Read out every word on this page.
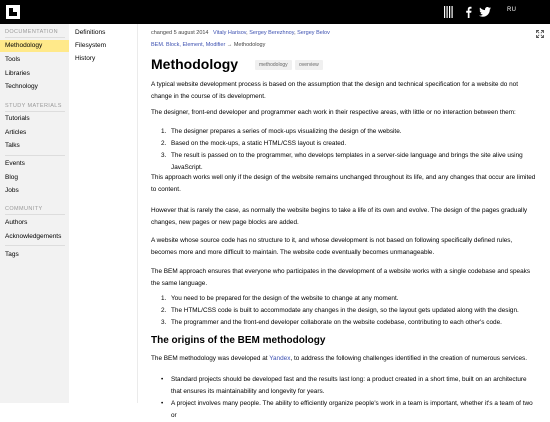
RU
DOCUMENTATION
Methodology
Tools
Libraries
Technology
STUDY MATERIALS
Tutorials
Articles
Talks
Events
Blog
Jobs
COMMUNITY
Authors
Acknowledgements
Tags
Definitions
Filesystem
History
changed 5 august 2014 Vitaly Harisov, Sergey Berezhnoy, Sergey Belov
BEM. Block, Element, Modifier → Methodology
Methodology	methodology	overview
A typical website development process is based on the assumption that the design and technical specification for a website do not change in the course of its development.
The designer, front-end developer and programmer each work in their respective areas, with little or no interaction between them:
1. The designer prepares a series of mock-ups visualizing the design of the website.
2. Based on the mock-ups, a static HTML/CSS layout is created.
3. The result is passed on to the programmer, who develops templates in a server-side language and brings the site alive using JavaScript.
This approach works well only if the design of the website remains unchanged throughout its life, and any changes that occur are limited to content.
However that is rarely the case, as normally the website begins to take a life of its own and evolve. The design of the pages gradually changes, new pages or new page blocks are added.
A website whose source code has no structure to it, and whose development is not based on following specifically defined rules, becomes more and more difficult to maintain. The website code eventually becomes unmanageable.
The BEM approach ensures that everyone who participates in the development of a website works with a single codebase and speaks the same language.
1. You need to be prepared for the design of the website to change at any moment.
2. The HTML/CSS code is built to accommodate any changes in the design, so the layout gets updated along with the design.
3. The programmer and the front-end developer collaborate on the website codebase, contributing to each other's code.
The origins of the BEM methodology
The BEM methodology was developed at Yandex, to address the following challenges identified in the creation of numerous services.
• Standard projects should be developed fast and the results last long: a product created in a short time, built on an architecture that ensures its maintainability and longevity for years.
• A project involves many people. The ability to efficiently organize people's work in a team is important, whether it's a team of two or
